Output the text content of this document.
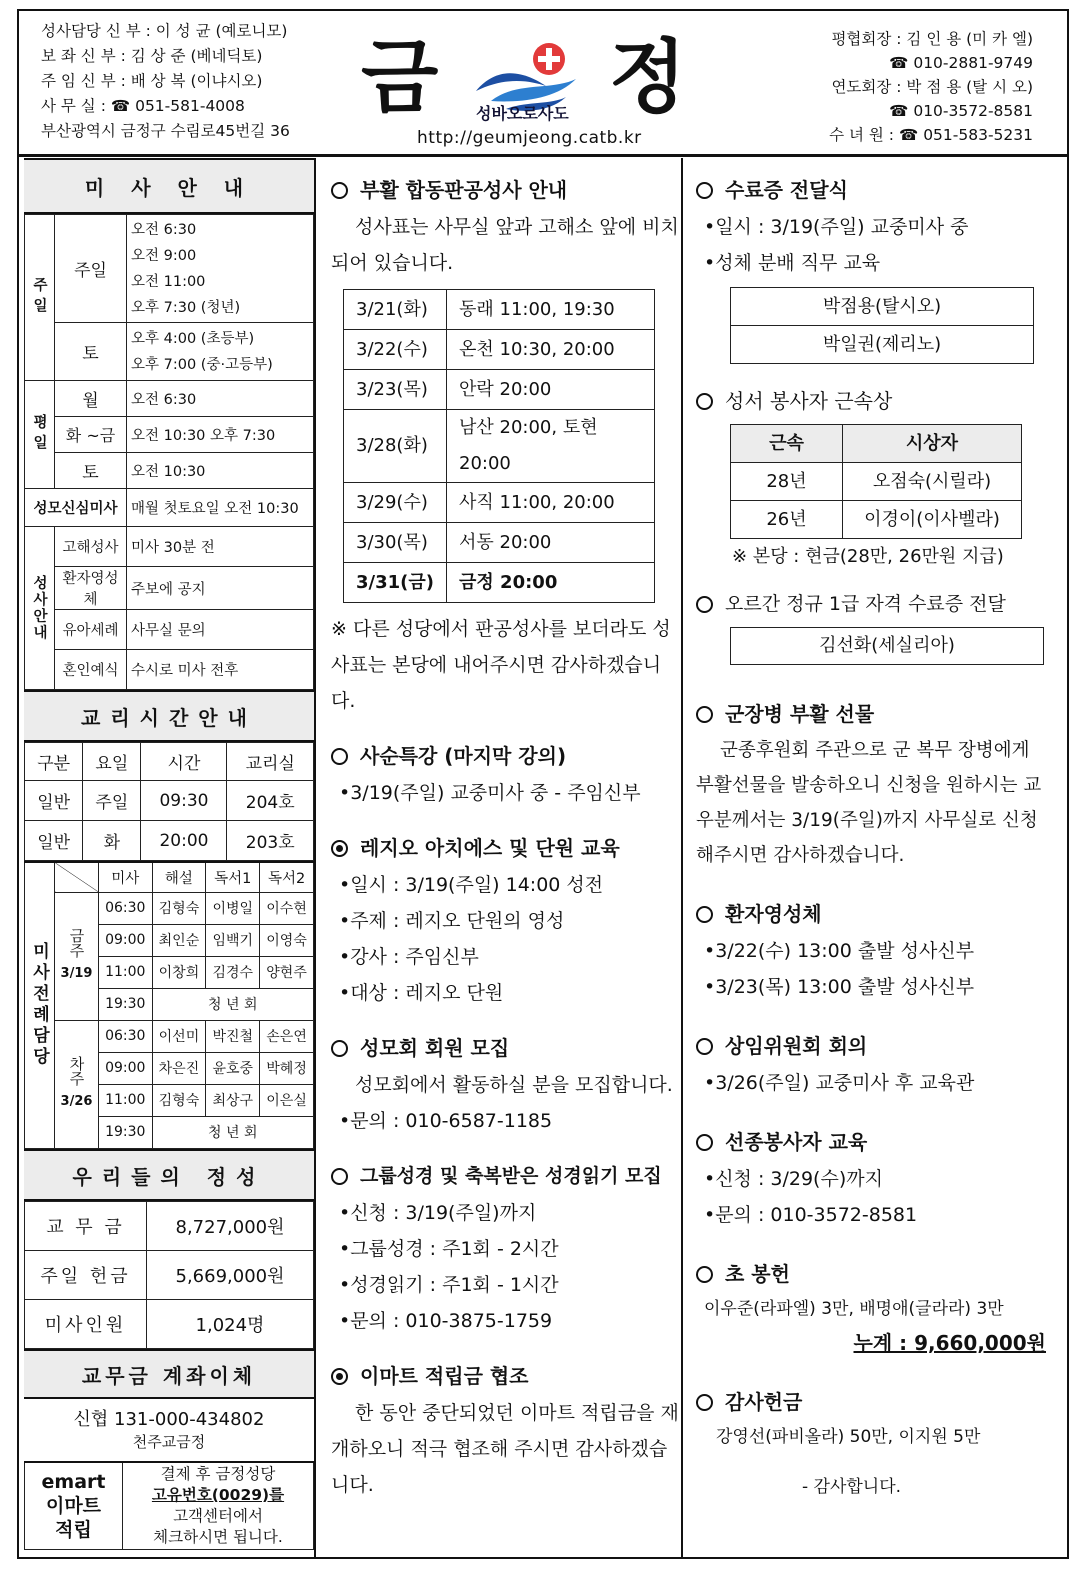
성사담당 신 부 : 이 성 균 (예로니모)
보 좌 신 부 : 김 상 준 (베네딕토)
주 임 신 부 : 배 상 복 (이냐시오)
사 무 실 : ☎ 051-581-4008
부산광역시 금정구 수림로45번길 36
금 성바오로사도 정
http://geumjeong.catb.kr
평협회장 : 김 인 용 (미 카 엘)
☎ 010-2881-9749
연도회장 : 박 점 용 (탈 시 오)
☎ 010-3572-8581
수 녀 원 : ☎ 051-583-5231
미 사 안 내
주일	주일	오전 6:30
오전 9:00
오전 11:00
오후 7:30 (청년)

	토	오후 4:00 (초등부)
오후 7:00 (중·고등부)

평일	월	오전 6:30
	화 ~금	오전 10:30 오후 7:30
	토	오전 10:30
성모신심미사		매월 첫토요일 오전 10:30
성사안내	고해성사	미사 30분 전
	환자영성체	주보에 공지
	유아세례	사무실 문의
	혼인예식	수시로 미사 전후
교리시간안내
구분	요일	시간	교리실
일반	주일	09:30	204호
일반	화	20:00	203호
미사전례담당		미사	해설	독서1	독서2

	금주
3/19	06:30	김형숙	이병일	이수현
		09:00	최인순	임백기	이영숙
		11:00	이창희	김경수	양현주
		19:30	청 년 회		

	차주
3/26	06:30	이선미	박진철	손은연
		09:00	차은진	윤호중	박혜정
		11:00	김형숙	최상구	이은실
		19:30	청 년 회		
우리들의 정성
교 무 금	8,727,000원
주일 헌금	5,669,000원
미사인원	1,024명
교무금 계좌이체
신협 131-000-434802
천주교금정
emart
이마트
적립

결제 후 금정성당
고유번호(0029)를
고객센터에서
체크하시면 됩니다.
부활 합동판공성사 안내
성사표는 사무실 앞과 고해소 앞에 비치되어 있습니다.
3/21(화)	동래 11:00, 19:30
3/22(수)	온천 10:30, 20:00
3/23(목)	안락 20:00
3/28(화)	남산 20:00, 토현 20:00
3/29(수)	사직 11:00, 20:00
3/30(목)	서동 20:00
3/31(금)	금정 20:00
※ 다른 성당에서 판공성사를 보더라도 성사표는 본당에 내어주시면 감사하겠습니다.
사순특강 (마지막 강의)
•3/19(주일) 교중미사 중 - 주임신부
레지오 아치에스 및 단원 교육
•일시 : 3/19(주일) 14:00 성전
•주제 : 레지오 단원의 영성
•강사 : 주임신부
•대상 : 레지오 단원
성모회 회원 모집
성모회에서 활동하실 분을 모집합니다.
•문의 : 010-6587-1185
그룹성경 및 축복받은 성경읽기 모집
•신청 : 3/19(주일)까지
•그룹성경 : 주1회 - 2시간
•성경읽기 : 주1회 - 1시간
•문의 : 010-3875-1759
이마트 적립금 협조
한 동안 중단되었던 이마트 적립금을 재개하오니 적극 협조해 주시면 감사하겠습니다.
수료증 전달식
•일시 : 3/19(주일) 교중미사 중
•성체 분배 직무 교육
박점용(탈시오)
박일권(제리노)
성서 봉사자 근속상
근속	시상자
28년	오점숙(시릴라)
26년	이경이(이사벨라)
※ 본당 : 현금(28만, 26만원 지급)
오르간 정규 1급 자격 수료증 전달
김선화(세실리아)
군장병 부활 선물
군종후원회 주관으로 군 복무 장병에게 부활선물을 발송하오니 신청을 원하시는 교우분께서는 3/19(주일)까지 사무실로 신청 해주시면 감사하겠습니다.
환자영성체
•3/22(수) 13:00 출발 성사신부
•3/23(목) 13:00 출발 성사신부
상임위원회 회의
•3/26(주일) 교중미사 후 교육관
선종봉사자 교육
•신청 : 3/29(수)까지
•문의 : 010-3572-8581
초 봉헌
이우준(라파엘) 3만, 배명애(글라라) 3만
누계 : 9,660,000원
감사헌금
강영선(파비올라) 50만, 이지원 5만
- 감사합니다.
